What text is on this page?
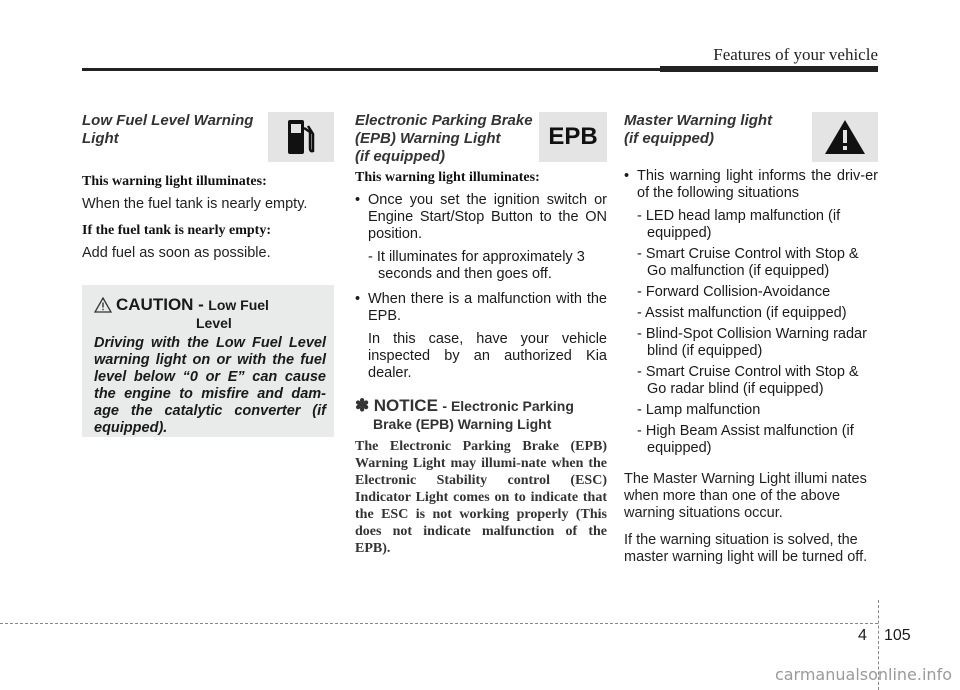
Features of your vehicle
Low Fuel Level Warning Light
This warning light illuminates:
When the fuel tank is nearly empty.
If the fuel tank is nearly empty:
Add fuel as soon as possible.
CAUTION - Low Fuel
Level
Driving with the Low Fuel Level warning light on or with the fuel level below “0 or E” can cause the engine to misfire and dam-age the catalytic converter (if equipped).
Electronic Parking Brake
(EPB) Warning Light
(if equipped)
EPB
This warning light illuminates:
• Once you set the ignition switch or Engine Start/Stop Button to the ON position.
- It illuminates for approximately 3 seconds and then goes off.
• When there is a malfunction with the EPB.
In this case, have your vehicle inspected by an authorized Kia dealer.
✽ NOTICE - Electronic Parking
Brake (EPB) Warning Light
The Electronic Parking Brake (EPB) Warning Light may illumi-nate when the Electronic Stability control (ESC) Indicator Light comes on to indicate that the ESC is not working properly (This does not indicate malfunction of the EPB).
Master Warning light
(if equipped)
• This warning light informs the driv-er of the following situations
- LED head lamp malfunction (if equipped)
- Smart Cruise Control with Stop & Go malfunction (if equipped)
- Forward Collision-Avoidance
- Assist malfunction (if equipped)
- Blind-Spot Collision Warning radar blind (if equipped)
- Smart Cruise Control with Stop & Go radar blind (if equipped)
- Lamp malfunction
- High Beam Assist malfunction (if equipped)
The Master Warning Light illumi nates when more than one of the above warning situations occur.
If the warning situation is solved, the master warning light will be turned off.
4 105
carmanualsonline.info
